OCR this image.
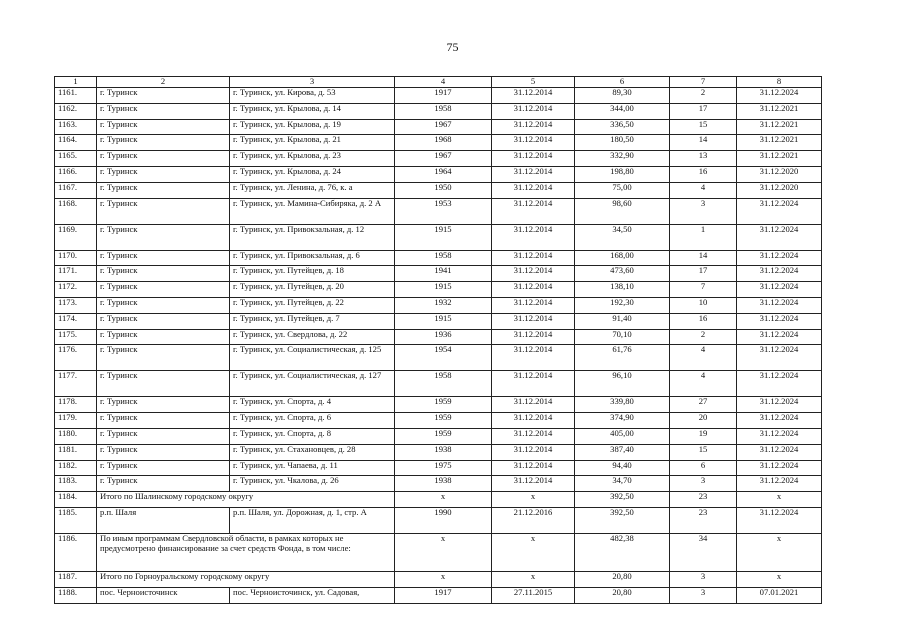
75
1	2	3	4	5	6	7	8
1161.	г. Туринск	г. Туринск, ул. Кирова, д. 53	1917	31.12.2014	89,30	2	31.12.2024
1162.	г. Туринск	г. Туринск, ул. Крылова, д. 14	1958	31.12.2014	344,00	17	31.12.2021
1163.	г. Туринск	г. Туринск, ул. Крылова, д. 19	1967	31.12.2014	336,50	15	31.12.2021
1164.	г. Туринск	г. Туринск, ул. Крылова, д. 21	1968	31.12.2014	180,50	14	31.12.2021
1165.	г. Туринск	г. Туринск, ул. Крылова, д. 23	1967	31.12.2014	332,90	13	31.12.2021
1166.	г. Туринск	г. Туринск, ул. Крылова, д. 24	1964	31.12.2014	198,80	16	31.12.2020
1167.	г. Туринск	г. Туринск, ул. Ленина, д. 76, к. а	1950	31.12.2014	75,00	4	31.12.2020
1168.	г. Туринск	г. Туринск, ул. Мамина-Сибиряка, д. 2 А	1953	31.12.2014	98,60	3	31.12.2024
1169.	г. Туринск	г. Туринск, ул. Привокзальная, д. 12	1915	31.12.2014	34,50	1	31.12.2024
1170.	г. Туринск	г. Туринск, ул. Привокзальная, д. 6	1958	31.12.2014	168,00	14	31.12.2024
1171.	г. Туринск	г. Туринск, ул. Путейцев, д. 18	1941	31.12.2014	473,60	17	31.12.2024
1172.	г. Туринск	г. Туринск, ул. Путейцев, д. 20	1915	31.12.2014	138,10	7	31.12.2024
1173.	г. Туринск	г. Туринск, ул. Путейцев, д. 22	1932	31.12.2014	192,30	10	31.12.2024
1174.	г. Туринск	г. Туринск, ул. Путейцев, д. 7	1915	31.12.2014	91,40	16	31.12.2024
1175.	г. Туринск	г. Туринск, ул. Свердлова, д. 22	1936	31.12.2014	70,10	2	31.12.2024
1176.	г. Туринск	г. Туринск, ул. Социалистическая, д. 125	1954	31.12.2014	61,76	4	31.12.2024
1177.	г. Туринск	г. Туринск, ул. Социалистическая, д. 127	1958	31.12.2014	96,10	4	31.12.2024
1178.	г. Туринск	г. Туринск, ул. Спорта, д. 4	1959	31.12.2014	339,80	27	31.12.2024
1179.	г. Туринск	г. Туринск, ул. Спорта, д. 6	1959	31.12.2014	374,90	20	31.12.2024
1180.	г. Туринск	г. Туринск, ул. Спорта, д. 8	1959	31.12.2014	405,00	19	31.12.2024
1181.	г. Туринск	г. Туринск, ул. Стахановцев, д. 28	1938	31.12.2014	387,40	15	31.12.2024
1182.	г. Туринск	г. Туринск, ул. Чапаева, д. 11	1975	31.12.2014	94,40	6	31.12.2024
1183.	г. Туринск	г. Туринск, ул. Чкалова, д. 26	1938	31.12.2014	34,70	3	31.12.2024
1184.	Итого по Шалинскому городскому округу		х	х	392,50	23	х
1185.	р.п. Шаля	р.п. Шаля, ул. Дорожная, д. 1, стр. А	1990	21.12.2016	392,50	23	31.12.2024
1186.	По иным программам Свердловской области, в рамках которых не предусмотрено финансирование за счет средств Фонда, в том числе:		х	х	482,38	34	х
1187.	Итого по Горноуральскому городскому округу		х	х	20,80	3	х
1188.	пос. Черноисточинск	пос. Черноисточинск, ул. Садовая,	1917	27.11.2015	20,80	3	07.01.2021
